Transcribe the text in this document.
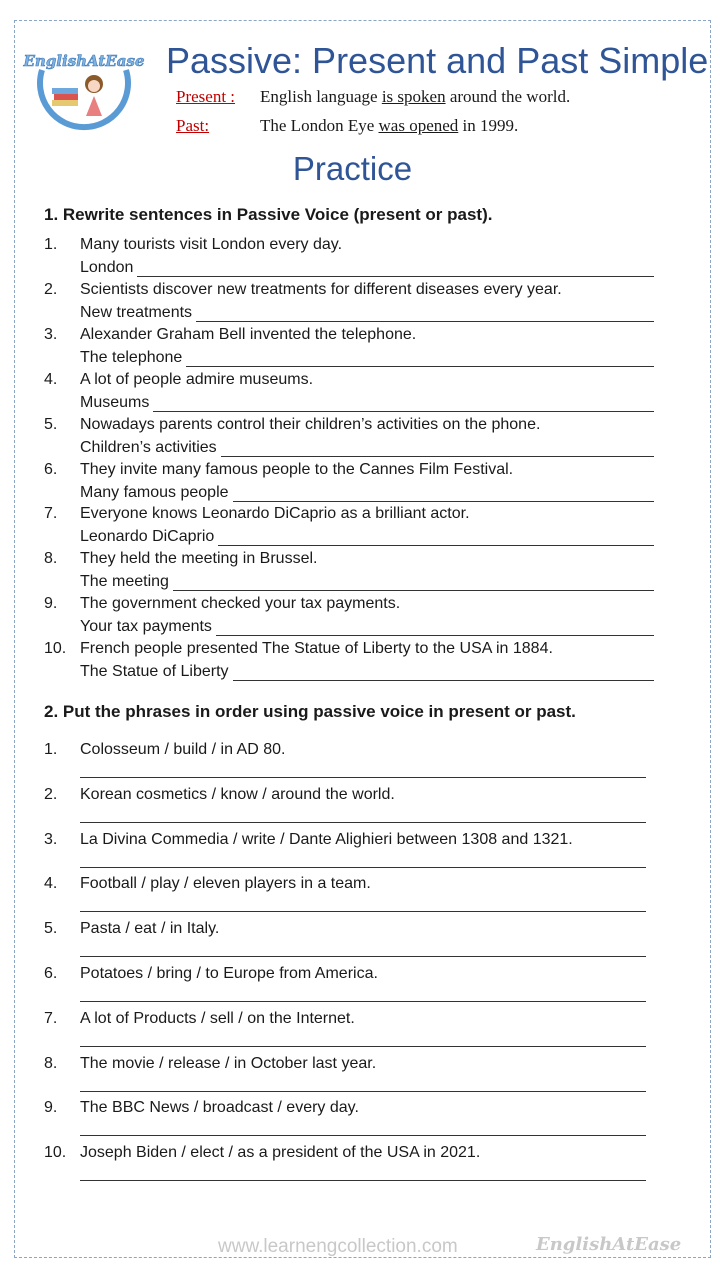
EnglishAtEase Passive: Present and Past Simple
Present : English language is spoken around the world.
Past:	The London Eye was opened in 1999.
Practice
1. Rewrite sentences in Passive Voice (present or past).
1. Many tourists visit London every day.
London
2. Scientists discover new treatments for different diseases every year.
New treatments
3. Alexander Graham Bell invented the telephone.
The telephone
4. A lot of people admire museums.
Museums
5. Nowadays parents control their children’s activities on the phone.
Children’s activities
6. They invite many famous people to the Cannes Film Festival.
Many famous people
7. Everyone knows Leonardo DiCaprio as a brilliant actor.
Leonardo DiCaprio
8. They held the meeting in Brussel.
The meeting
9. The government checked your tax payments.
Your tax payments
10. French people presented The Statue of Liberty to the USA in 1884.
The Statue of Liberty
2. Put the phrases in order using passive voice in present or past.
1. Colosseum / build / in AD 80.
2. Korean cosmetics / know / around the world.
3. La Divina Commedia / write / Dante Alighieri between 1308 and 1321.
4. Football / play / eleven players in a team.
5. Pasta / eat / in Italy.
6. Potatoes / bring / to Europe from America.
7. A lot of Products / sell / on the Internet.
8. The movie / release / in October last year.
9. The BBC News / broadcast / every day.
10. Joseph Biden / elect / as a president of the USA in 2021.
www.learnengcollection.com	EnglishAtEase
